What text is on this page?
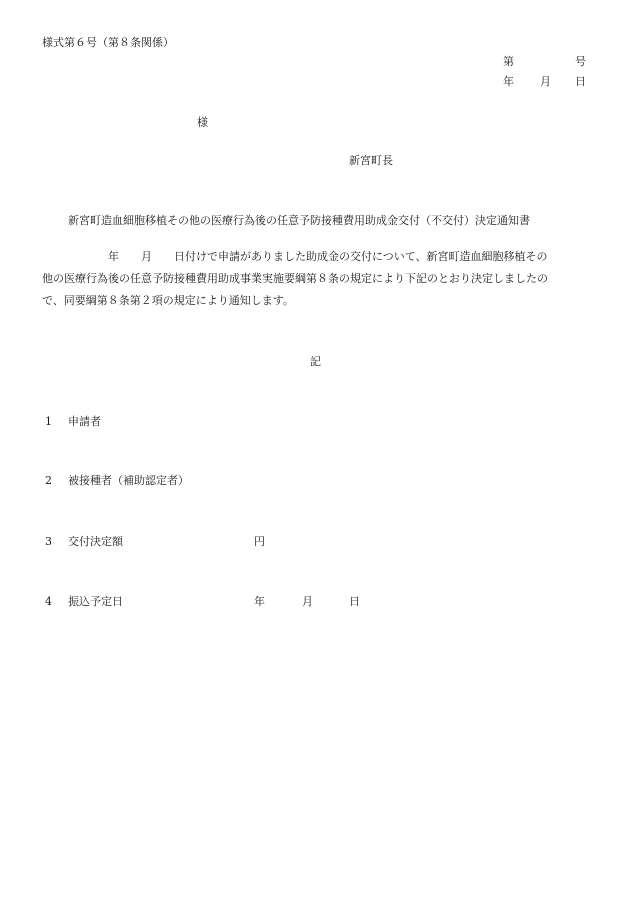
様式第６号（第８条関係）
第	号
年 月 日
様
新宮町長
新宮町造血細胞移植その他の医療行為後の任意予防接種費用助成金交付（不交付）決定通知書
　　　　　　年　　月　　日付けで申請がありました助成金の交付について、新宮町造血細胞移植その
他の医療行為後の任意予防接種費用助成事業実施要綱第８条の規定により下記のとおり決定しましたの
で、同要綱第８条第２項の規定により通知します。
記
1 申請者
2 被接種者（補助認定者）
3 交付決定額	円
4 振込予定日	年	月	日
